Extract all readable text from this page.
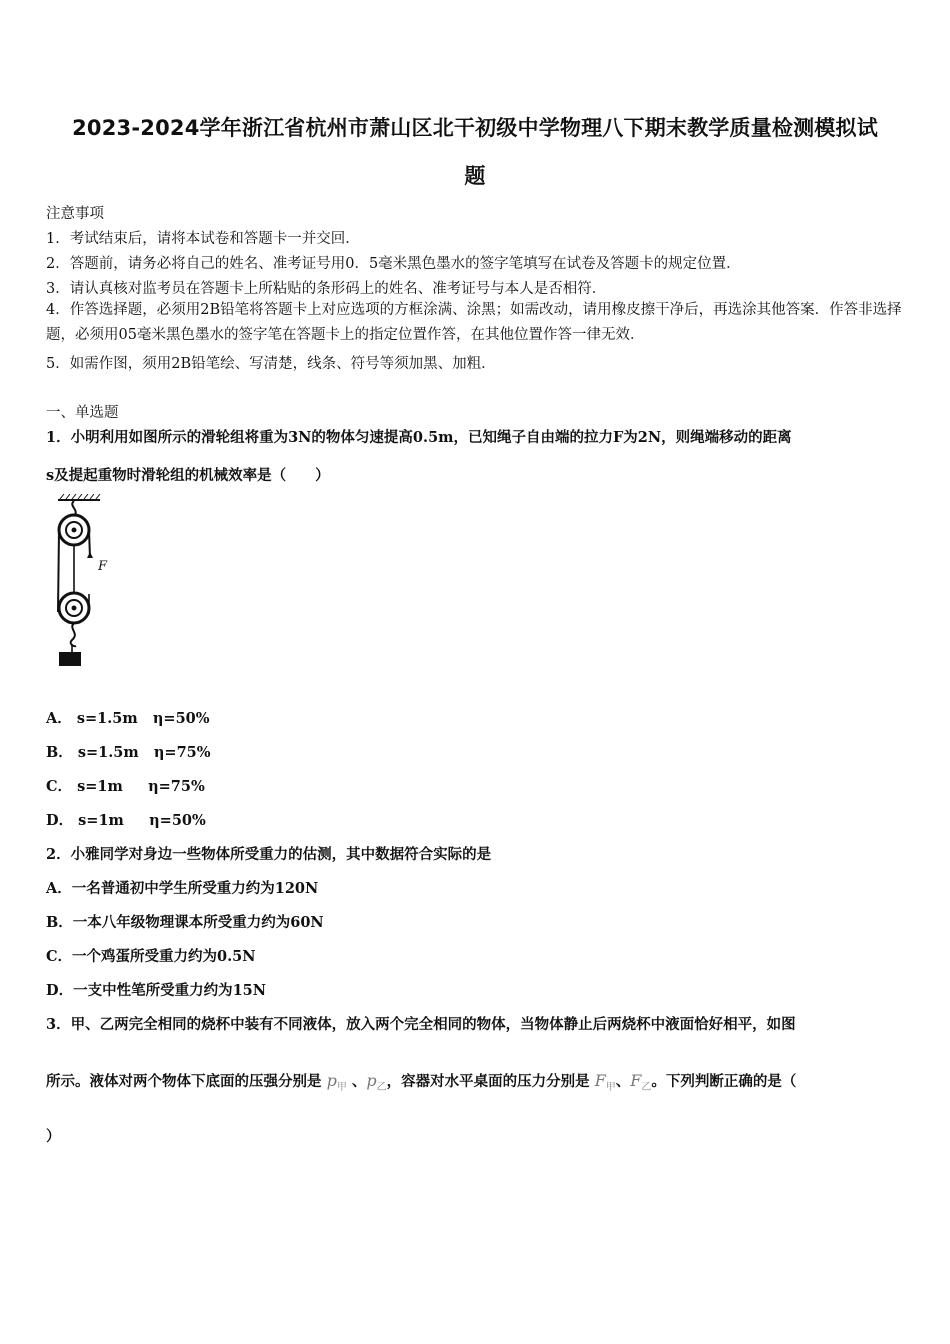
2023-2024学年浙江省杭州市萧山区北干初级中学物理八下期末教学质量检测模拟试
题
注意事项
1．考试结束后，请将本试卷和答题卡一并交回．
2．答题前，请务必将自己的姓名、准考证号用0．5毫米黑色墨水的签字笔填写在试卷及答题卡的规定位置．
3．请认真核对监考员在答题卡上所粘贴的条形码上的姓名、准考证号与本人是否相符．
4．作答选择题，必须用2B铅笔将答题卡上对应选项的方框涂满、涂黑；如需改动，请用橡皮擦干净后，再选涂其他答案．作答非选择题，必须用05毫米黑色墨水的签字笔在答题卡上的指定位置作答，在其他位置作答一律无效．
5．如需作图，须用2B铅笔绘、写清楚，线条、符号等须加黑、加粗．
一、单选题
1．小明利用如图所示的滑轮组将重为3N的物体匀速提高0.5m，已知绳子自由端的拉力F为2N，则绳端移动的距离
s及提起重物时滑轮组的机械效率是（　　）
F
A． s=1.5m η=50%
B． s=1.5m η=75%
C． s=1m η=75%
D． s=1m η=50%
2．小雅同学对身边一些物体所受重力的估测，其中数据符合实际的是
A．一名普通初中学生所受重力约为120N
B．一本八年级物理课本所受重力约为60N
C．一个鸡蛋所受重力约为0.5N
D．一支中性笔所受重力约为15N
3．甲、乙两完全相同的烧杯中装有不同液体，放入两个完全相同的物体，当物体静止后两烧杯中液面恰好相平，如图
所示。液体对两个物体下底面的压强分别是 $p_甲$ 、$p_乙$，容器对水平桌面的压力分别是 $F_甲$、$F_乙$。下列判断正确的是（
）
